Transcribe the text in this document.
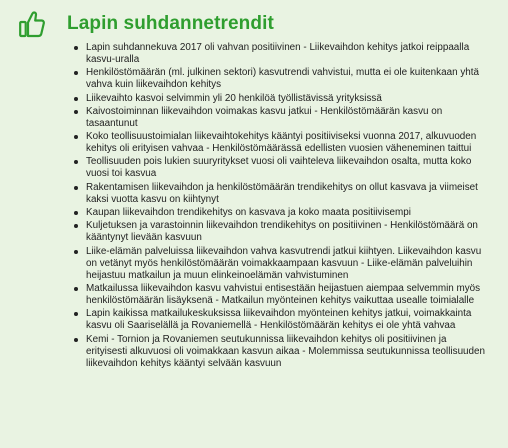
Lapin suhdannetrendit
Lapin suhdannekuva 2017 oli vahvan positiivinen - Liikevaihdon kehitys jatkoi reippaalla kasvu-uralla
Henkilöstömäärän (ml. julkinen sektori) kasvutrendi vahvistui, mutta ei ole kuitenkaan yhtä vahva kuin liikevaihdon kehitys
Liikevaihto kasvoi selvimmin yli 20 henkilöä työllistävissä yrityksissä
Kaivostoiminnan liikevaihdon voimakas kasvu jatkui - Henkilöstömäärän kasvu on tasaantunut
Koko teollisuustoimialan liikevaihtokehitys kääntyi positiiviseksi vuonna 2017, alkuvuoden kehitys oli erityisen vahvaa - Henkilöstömäärässä edellisten vuosien väheneminen taittui
Teollisuuden pois lukien suuryritykset vuosi oli vaihteleva liikevaihdon osalta, mutta koko vuosi toi kasvua
Rakentamisen liikevaihdon ja henkilöstömäärän trendikehitys on ollut kasvava ja viimeiset kaksi vuotta kasvu on kiihtynyt
Kaupan liikevaihdon trendikehitys on kasvava ja koko maata positiivisempi
Kuljetuksen ja varastoinnin liikevaihdon trendikehitys on positiivinen - Henkilöstömäärä on kääntynyt lievään kasvuun
Liike-elämän palveluissa liikevaihdon vahva kasvutrendi jatkui kiihtyen. Liikevaihdon kasvu on vetänyt myös henkilöstömäärän voimakkaampaan kasvuun - Liike-elämän palveluihin heijastuu matkailun ja muun elinkeinoelämän vahvistuminen
Matkailussa liikevaihdon kasvu vahvistui entisestään heijastuen aiempaa selvemmin myös henkilöstömäärän lisäyksenä - Matkailun myönteinen kehitys vaikuttaa usealle toimialalle
Lapin kaikissa matkailukeskuksissa liikevaihdon myönteinen kehitys jatkui, voimakkainta kasvu oli Saariselällä ja Rovaniemellä - Henkilöstömäärän kehitys ei ole yhtä vahvaa
Kemi - Tornion ja Rovaniemen seutukunnissa liikevaihdon kehitys oli positiivinen ja erityisesti alkuvuosi oli voimakkaan kasvun aikaa - Molemmissa seutukunnissa teollisuuden liikevaihdon kehitys kääntyi selvään kasvuun
